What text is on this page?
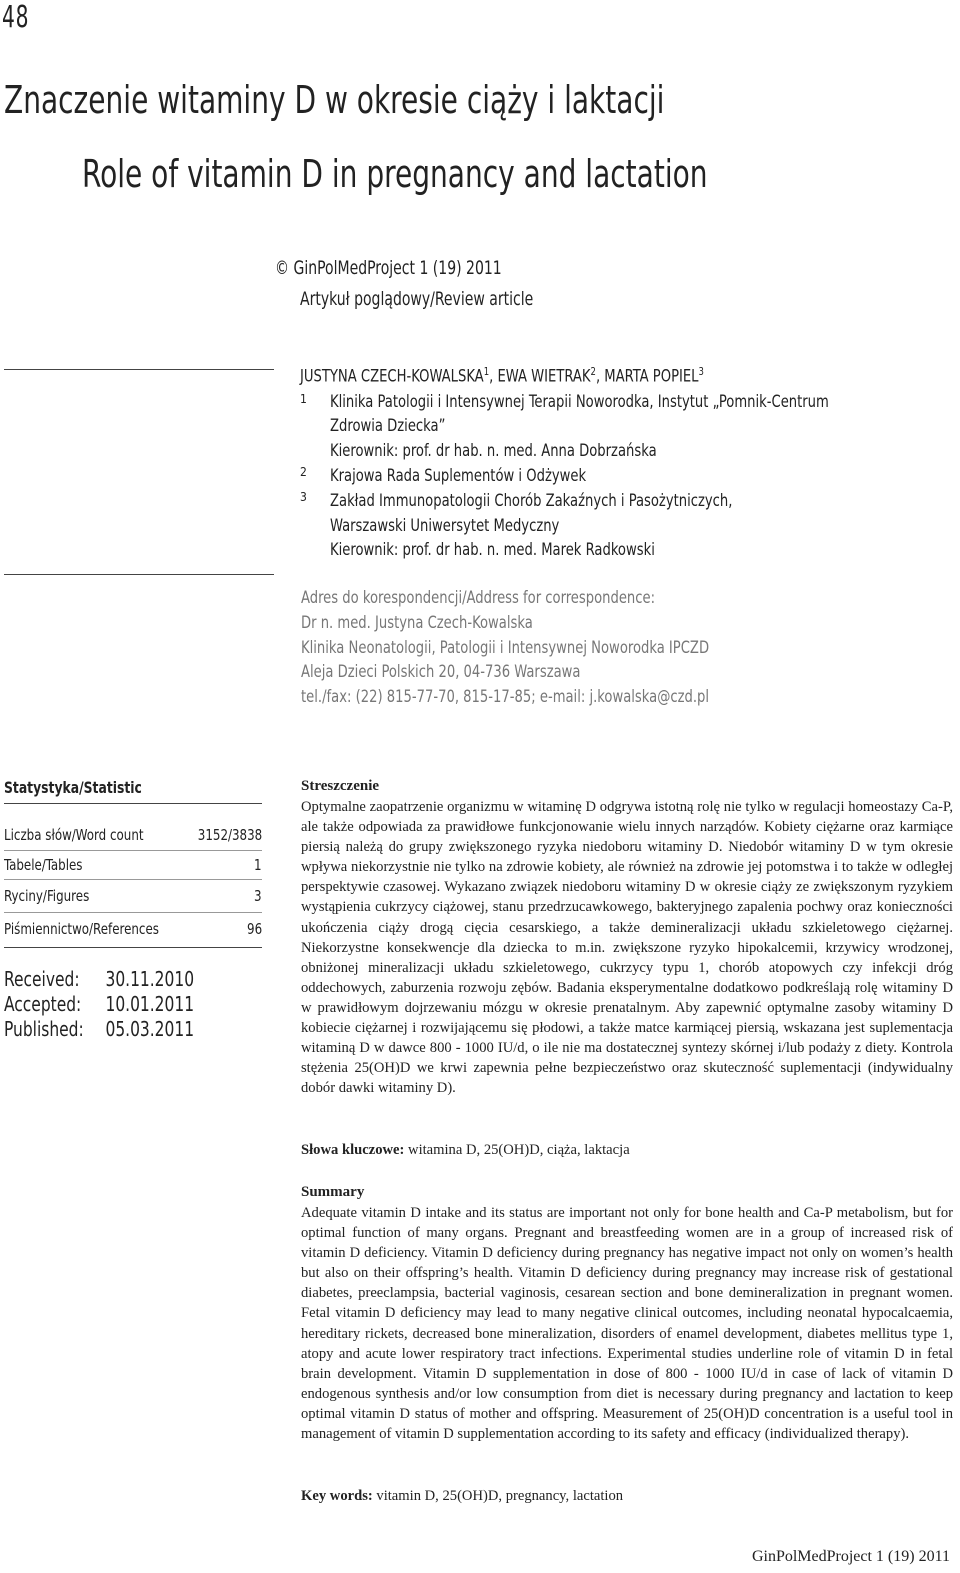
48
Znaczenie witaminy D w okresie ciąży i laktacji
Role of vitamin D in pregnancy and lactation
© GinPolMedProject 1 (19) 2011
Artykuł poglądowy/Review article
JUSTYNA CZECH-KOWALSKA$^1$, EWA WIETRAK$^2$, MARTA POPIEL$^3$
1 Klinika Patologii i Intensywnej Terapii Noworodka, Instytut „Pomnik-Centrum
Zdrowia Dziecka”
Kierownik: prof. dr hab. n. med. Anna Dobrzańska
2 Krajowa Rada Suplementów i Odżywek
3 Zakład Immunopatologii Chorób Zakaźnych i Pasożytniczych,
Warszawski Uniwersytet Medyczny
Kierownik: prof. dr hab. n. med. Marek Radkowski
Adres do korespondencji/Address for correspondence:
Dr n. med. Justyna Czech-Kowalska
Klinika Neonatologii, Patologii i Intensywnej Noworodka IPCZD
Aleja Dzieci Polskich 20, 04-736 Warszawa
tel./fax: (22) 815-77-70, 815-17-85; e-mail: j.kowalska@czd.pl
Statystyka/Statistic
Liczba słów/Word count	3152/3838
Tabele/Tables	1
Ryciny/Figures	3
Piśmiennictwo/References	96
Received: 30.11.2010
Accepted: 10.01.2011
Published: 05.03.2011
Streszczenie
Optymalne zaopatrzenie organizmu w witaminę D odgrywa istotną rolę nie tylko w regulacji homeostazy Ca-P, ale także odpowiada za prawidłowe funkcjonowanie wielu innych narządów. Kobiety ciężarne oraz karmiące piersią należą do grupy zwiększonego ryzyka niedoboru witaminy D. Niedobór witaminy D w tym okresie wpływa niekorzystnie nie tylko na zdrowie kobiety, ale również na zdrowie jej potomstwa i to także w odległej perspektywie czasowej. Wykazano związek niedoboru witaminy D w okresie ciąży ze zwiększonym ryzykiem wystąpienia cukrzycy ciążowej, stanu przedrzucawkowego, bakteryjnego zapalenia pochwy oraz konieczności ukończenia ciąży drogą cięcia cesarskiego, a także demineralizacji układu szkieletowego ciężarnej. Niekorzystne konsekwencje dla dziecka to m.in. zwiększone ryzyko hipokalcemii, krzywicy wrodzonej, obniżonej mineralizacji układu szkieletowego, cukrzycy typu 1, chorób atopowych czy infekcji dróg oddechowych, zaburzenia rozwoju zębów. Badania eksperymentalne dodatkowo podkreślają rolę witaminy D w prawidłowym dojrzewaniu mózgu w okresie prenatalnym. Aby zapewnić optymalne zasoby witaminy D kobiecie ciężarnej i rozwijającemu się płodowi, a także matce karmiącej piersią, wskazana jest suplementacja witaminą D w dawce 800 - 1000 IU/d, o ile nie ma dostatecznej syntezy skórnej i/lub podaży z diety. Kontrola stężenia 25(OH)D we krwi zapewnia pełne bezpieczeństwo oraz skuteczność suplementacji (indywidualny dobór dawki witaminy D).
Słowa kluczowe: witamina D, 25(OH)D, ciąża, laktacja
Summary
Adequate vitamin D intake and its status are important not only for bone health and Ca-P metabolism, but for optimal function of many organs. Pregnant and breastfeeding women are in a group of increased risk of vitamin D deficiency. Vitamin D deficiency during pregnancy has negative impact not only on women’s health but also on their offspring’s health. Vitamin D deficiency during pregnancy may increase risk of gestational diabetes, preeclampsia, bacterial vaginosis, cesarean section and bone demineralization in pregnant women. Fetal vitamin D deficiency may lead to many negative clinical outcomes, including neonatal hypocalcaemia, hereditary rickets, decreased bone mineralization, disorders of enamel development, diabetes mellitus type 1, atopy and acute lower respiratory tract infections. Experimental studies underline role of vitamin D in fetal brain development. Vitamin D supplementation in dose of 800 - 1000 IU/d in case of lack of vitamin D endogenous synthesis and/or low consumption from diet is necessary during pregnancy and lactation to keep optimal vitamin D status of mother and offspring. Measurement of 25(OH)D concentration is a useful tool in management of vitamin D supplementation according to its safety and efficacy (individualized therapy).
Key words: vitamin D, 25(OH)D, pregnancy, lactation
GinPolMedProject 1 (19) 2011
